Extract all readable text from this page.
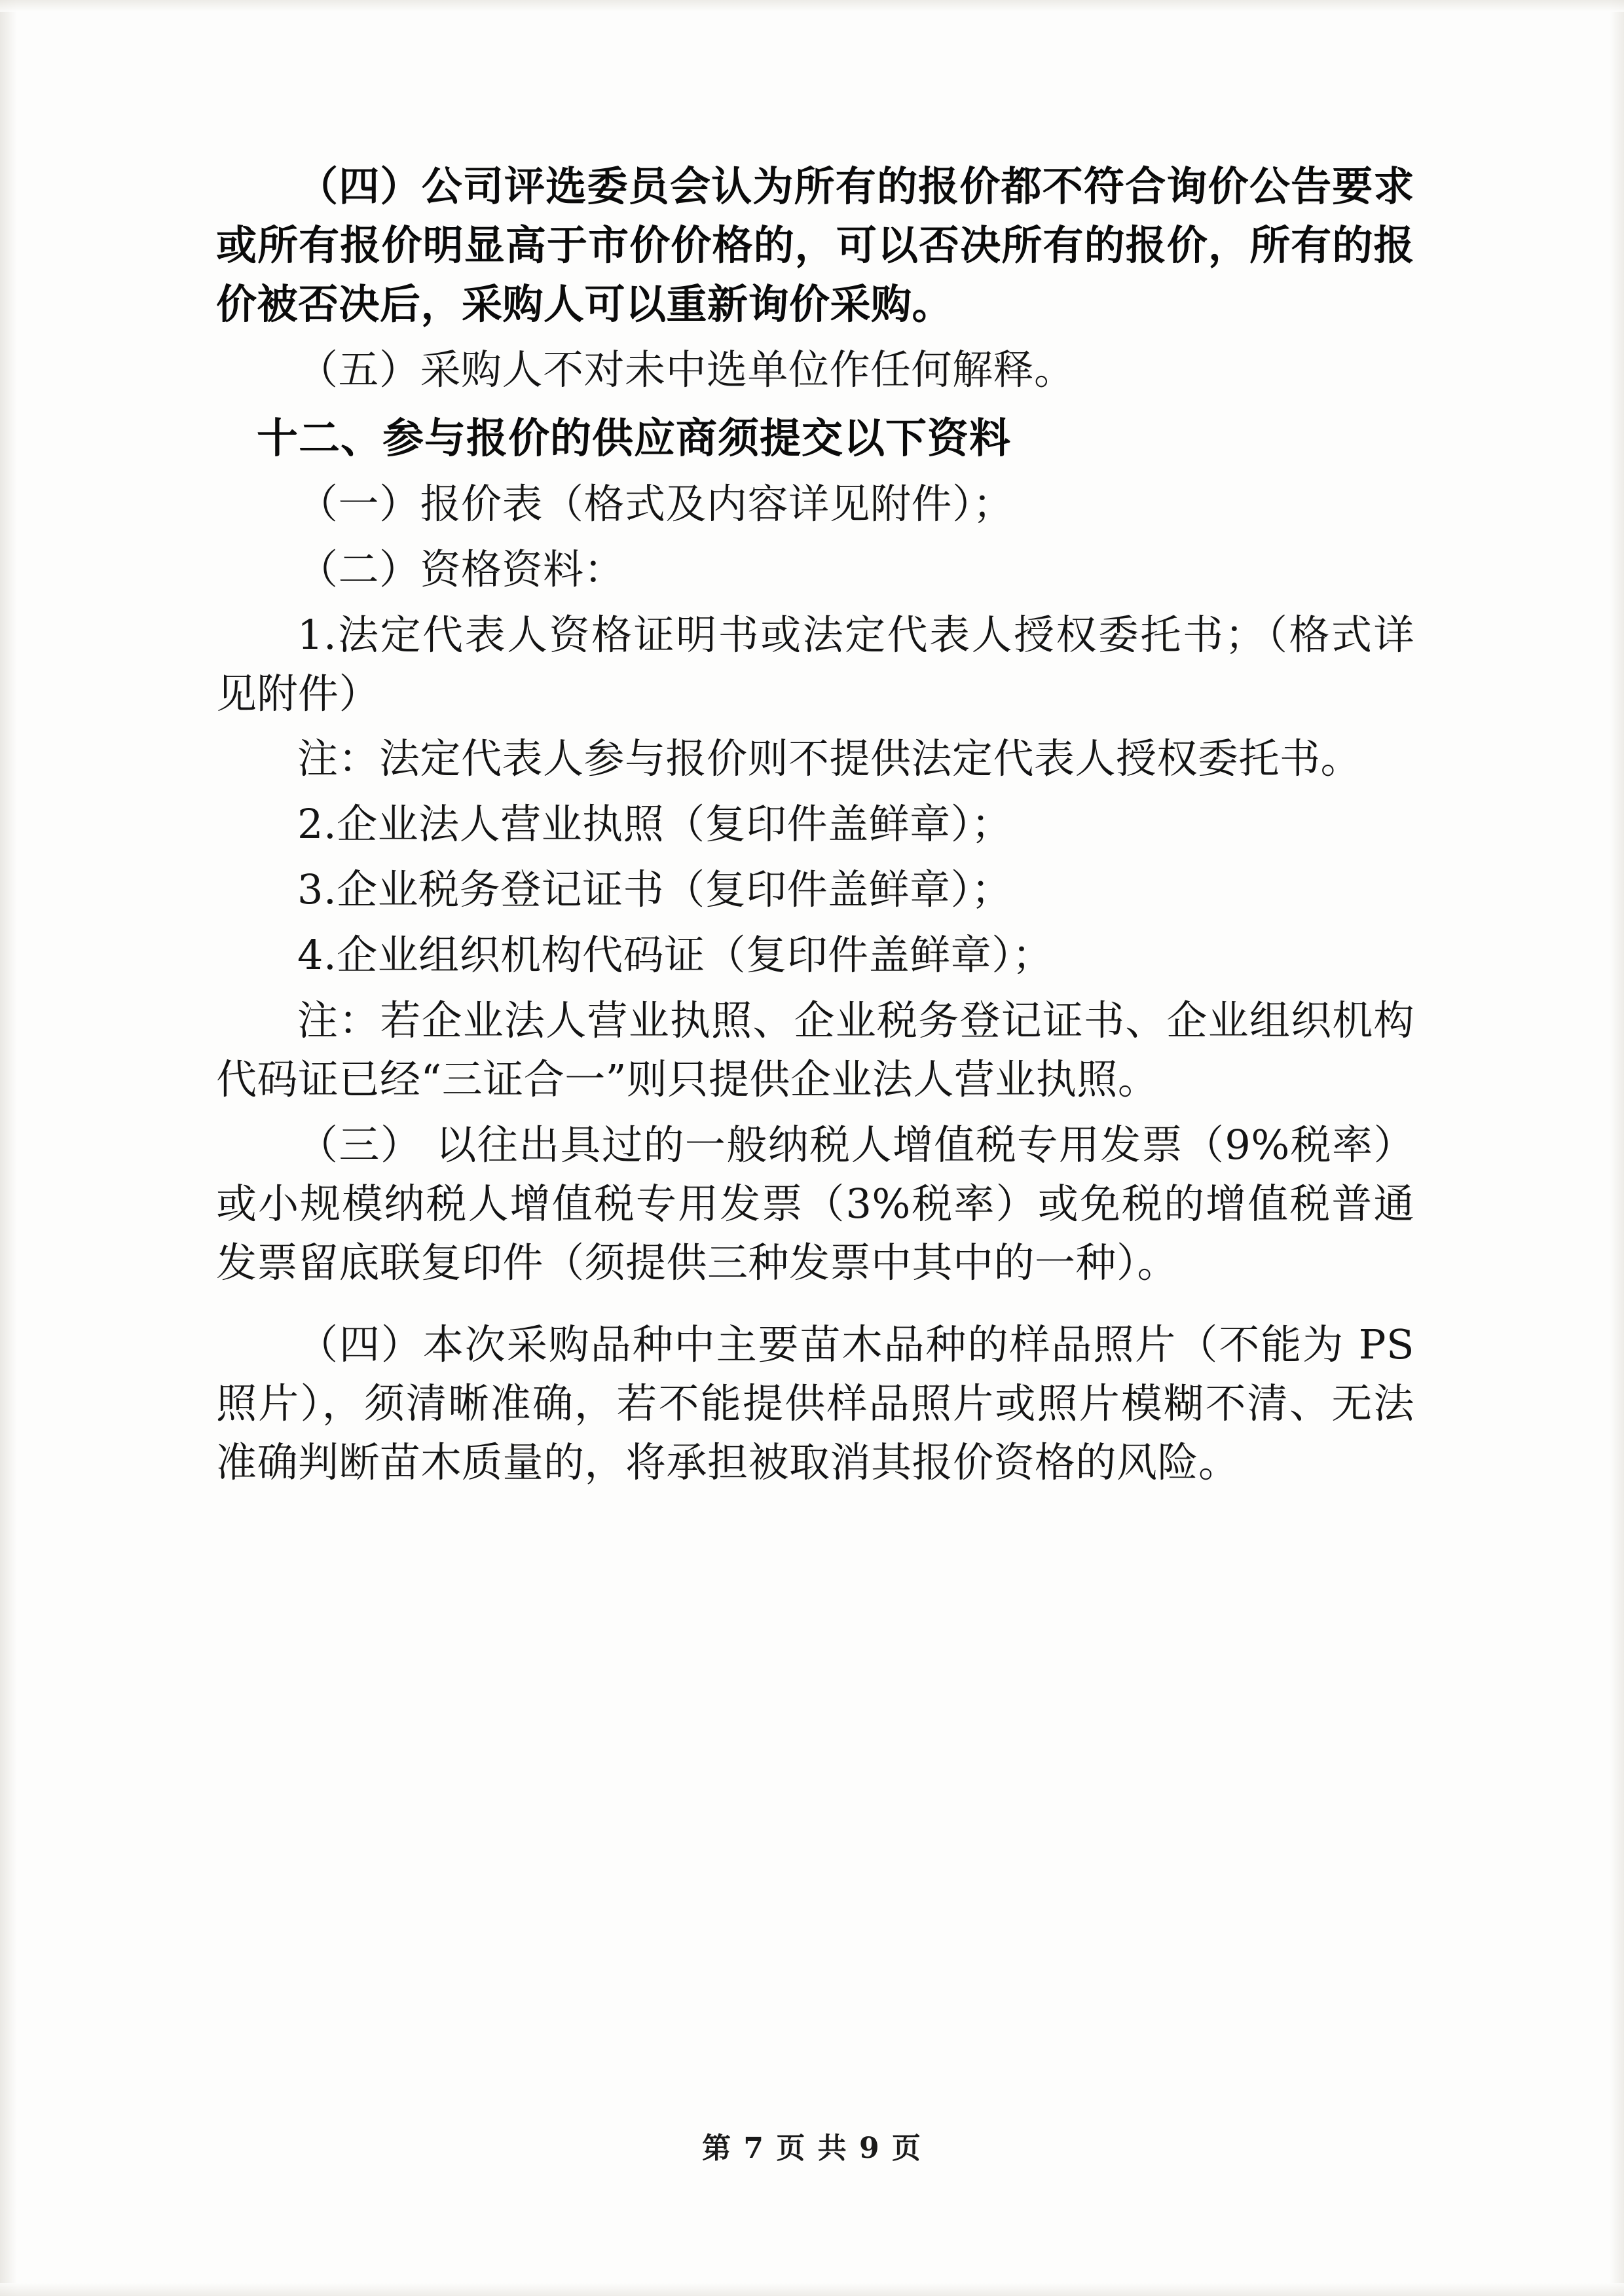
（四）公司评选委员会认为所有的报价都不符合询价公告要求或所有报价明显高于市价价格的，可以否决所有的报价，所有的报价被否决后，采购人可以重新询价采购。

（五）采购人不对未中选单位作任何解释。

十二、参与报价的供应商须提交以下资料

（一）报价表（格式及内容详见附件）；

（二）资格资料：

1.法定代表人资格证明书或法定代表人授权委托书；（格式详见附件）

注：法定代表人参与报价则不提供法定代表人授权委托书。

2.企业法人营业执照（复印件盖鲜章）；

3.企业税务登记证书（复印件盖鲜章）；

4.企业组织机构代码证（复印件盖鲜章）；

注：若企业法人营业执照、企业税务登记证书、企业组织机构代码证已经“三证合一”则只提供企业法人营业执照。

（三） 以往出具过的一般纳税人增值税专用发票（9%税率）或小规模纳税人增值税专用发票（3%税率）或免税的增值税普通发票留底联复印件（须提供三种发票中其中的一种）。

（四）本次采购品种中主要苗木品种的样品照片（不能为 PS 照片），须清晰准确，若不能提供样品照片或照片模糊不清、无法准确判断苗木质量的，将承担被取消其报价资格的风险。

第 7 页 共 9 页
